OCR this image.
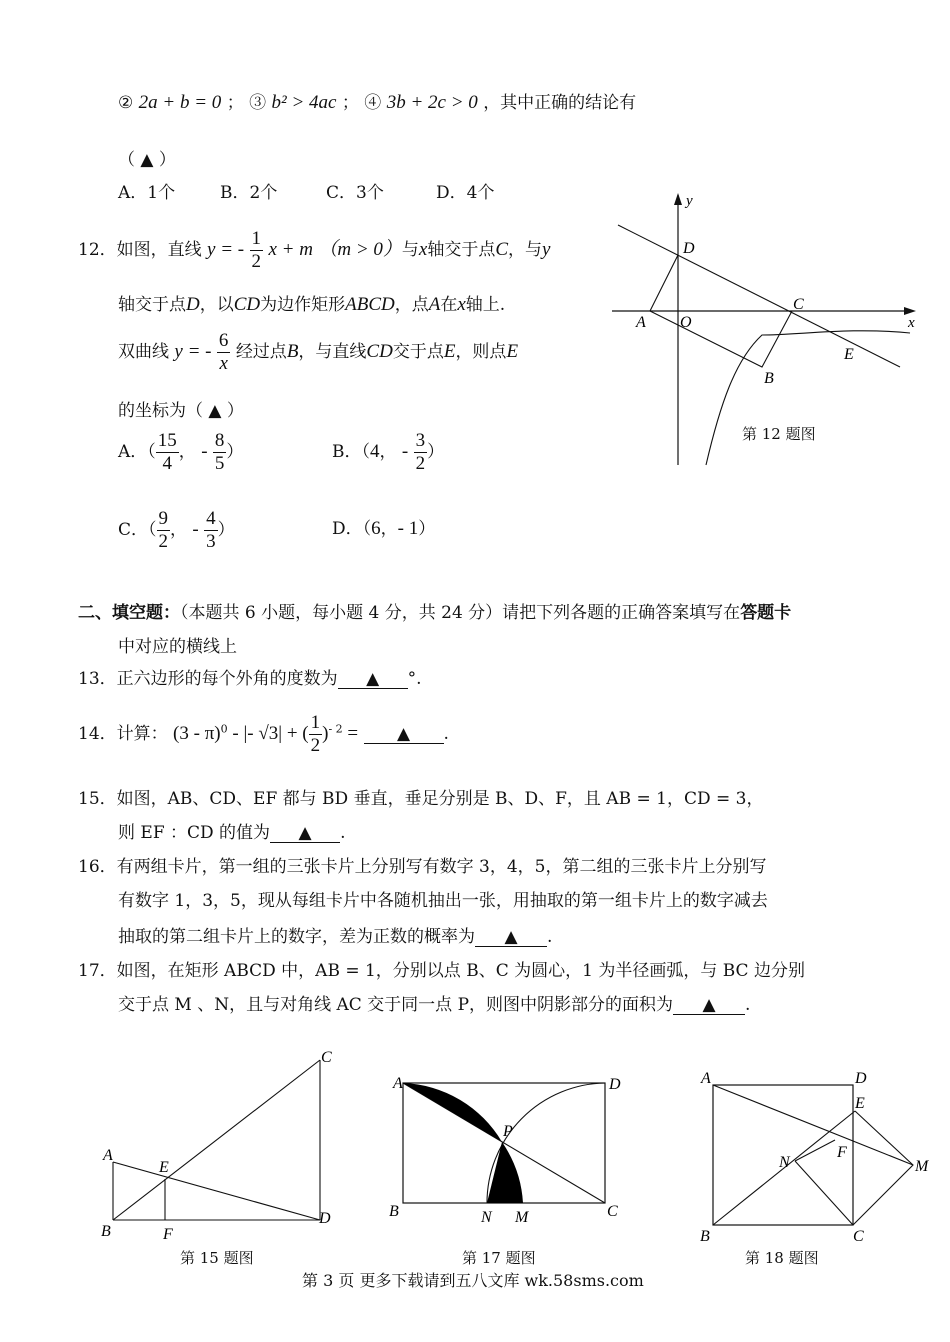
② 2a + b = 0 ； ③ b² > 4ac ； ④ 3b + 2c > 0 ，其中正确的结论有
（ ▲ ）
A．1个	B．2个	C．3个	D．4个
12．如图，直线 y = - $\frac{1}{2}$ x + m （m > 0）与x轴交于点C，与y
轴交于点D，以CD为边作矩形ABCD，点A在x轴上.
双曲线 y = - $\frac{6}{x}$ 经过点B，与直线CD交于点E，则点E
的坐标为（ ▲ ）
A．（ $\frac{15}{4}$ ， - $\frac{8}{5}$ ）	B．（4， - $\frac{3}{2}$ ）
C．（ $\frac{9}{2}$ ， - $\frac{4}{3}$ ）	D．（6，- 1）
y
x
D
C
A O
E
B
第 12 题图
二、填空题：（本题共 6 小题，每小题 4 分，共 24 分）请把下列各题的正确答案填写在答题卡
中对应的横线上
13．正六边形的每个外角的度数为 ▲ °.
14．计算： (3 - π)$^0$ - |- √3| + ( $\frac{1}{2} )^{- 2}$ = ▲ .
15．如图，AB、CD、EF 都与 BD 垂直，垂足分别是 B、D、F，且 AB = 1，CD = 3，
则 EF ：CD 的值为 ▲ .
16．有两组卡片，第一组的三张卡片上分别写有数字 3，4，5，第二组的三张卡片上分别写
有数字 1，3，5，现从每组卡片中各随机抽出一张，用抽取的第一组卡片上的数字减去
抽取的第二组卡片上的数字，差为正数的概率为 ▲ .
17．如图，在矩形 ABCD 中，AB = 1，分别以点 B、C 为圆心，1 为半径画弧，与 BC 边分别
交于点 M 、N，且与对角线 AC 交于同一点 P，则图中阴影部分的面积为 ▲ .
A
B
C
D
E
F
第 15 题图
A	D
B	C
P
N M
第 17 题图
A	D
E
F
N	M
B	C
第 18 题图
第 3 页 更多下载请到五八文库 wk.58sms.com
